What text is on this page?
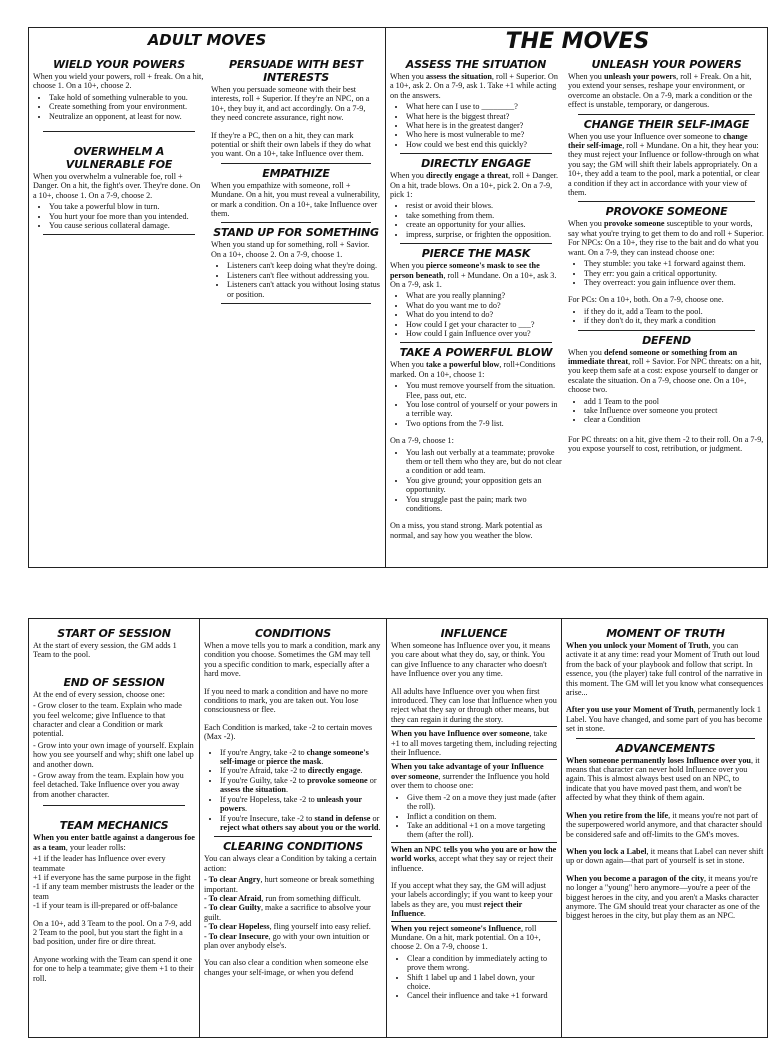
ADULT MOVES
WIELD YOUR POWERS

When you wield your powers, roll + freak. On a hit, choose 1. On a 10+, choose 2.

• Take hold of something vulnerable to you.
• Create something from your environment.
• Neutralize an opponent, at least for now.
OVERWHELM A VULNERABLE FOE

When you overwhelm a vulnerable foe, roll + Danger. On a hit, the fight's over. They're done. On a 10+, choose 1. On a 7-9, choose 2.

• You take a powerful blow in turn.
• You hurt your foe more than you intended.
• You cause serious collateral damage.
PERSUADE WITH BEST INTERESTS

When you persuade someone with their best interests, roll + Superior. If they're an NPC, on a 10+, they buy it, and act accordingly. On a 7-9, they need concrete assurance, right now.

If they're a PC, then on a hit, they can mark potential or shift their own labels if they do what you want. On a 10+, take Influence over them.

EMPATHIZE

When you empathize with someone, roll + Mundane. On a hit, you must reveal a vulnerability, or mark a condition. On a 10+, take Influence over them.

STAND UP FOR SOMETHING

When you stand up for something, roll + Savior. On a 10+, choose 2. On a 7-9, choose 1.

• Listeners can't keep doing what they're doing.
• Listeners can't flee without addressing you.
• Listeners can't attack you without losing status or position.
THE MOVES
ASSESS THE SITUATION

When you assess the situation, roll + Superior. On a 10+, ask 2. On a 7-9, ask 1. Take +1 while acting on the answers.

• What here can I use to ________?
• What here is the biggest threat?
• What here is in the greatest danger?
• Who here is most vulnerable to me?
• How could we best end this quickly?
DIRECTLY ENGAGE

When you directly engage a threat, roll + Danger. On a hit, trade blows. On a 10+, pick 2. On a 7-9, pick 1:

• resist or avoid their blows.
• take something from them.
• create an opportunity for your allies.
• impress, surprise, or frighten the opposition.
PIERCE THE MASK

When you pierce someone's mask to see the person beneath, roll + Mundane. On a 10+, ask 3. On a 7-9, ask 1.

• What are you really planning?
• What do you want me to do?
• What do you intend to do?
• How could I get your character to ___?
• How could I gain Influence over you?
TAKE A POWERFUL BLOW

When you take a powerful blow, roll+Conditions marked. On a 10+, choose 1:

• You must remove yourself from the situation. Flee, pass out, etc.
• You lose control of yourself or your powers in a terrible way.
• Two options from the 7-9 list.

On a 7-9, choose 1:

• You lash out verbally at a teammate; provoke them or tell them who they are, but do not clear a condition or add team.
• You give ground; your opposition gets an opportunity.
• You struggle past the pain; mark two conditions.

On a miss, you stand strong. Mark potential as normal, and say how you weather the blow.

UNLEASH YOUR POWERS

When you unleash your powers, roll + Freak. On a hit, you extend your senses, reshape your environment, or overcome an obstacle. On a 7-9, mark a condition or the effect is unstable, temporary, or dangerous.

CHANGE THEIR SELF-IMAGE

When you use your Influence over someone to change their self-image, roll + Mundane. On a hit, they hear you: they must reject your Influence or follow-through on what you say; the GM will shift their labels appropriately. On a 10+, they add a team to the pool, mark a potential, or clear a condition if they act in accordance with your view of them.

PROVOKE SOMEONE

When you provoke someone susceptible to your words, say what you're trying to get them to do and roll + Superior. For NPCs: On a 10+, they rise to the bait and do what you want. On a 7-9, they can instead choose one:

• They stumble: you take +1 forward against them.
• They err: you gain a critical opportunity.
• They overreact: you gain influence over them.

For PCs: On a 10+, both. On a 7-9, choose one.

• if they do it, add a Team to the pool.
• if they don't do it, they mark a condition
DEFEND

When you defend someone or something from an immediate threat, roll + Savior. For NPC threats: on a hit, you keep them safe at a cost: expose yourself to danger or escalate the situation. On a 7-9, choose one. On a 10+, choose two.

• add 1 Team to the pool
• take Influence over someone you protect
• clear a Condition

For PC threats: on a hit, give them -2 to their roll. On a 7-9, you expose yourself to cost, retribution, or judgment.

START OF SESSION

At the start of every session, the GM adds 1 Team to the pool.

END OF SESSION

At the end of every session, choose one:

- Grow closer to the team. Explain who made you feel welcome; give Influence to that character and clear a Condition or mark potential.

- Grow into your own image of yourself. Explain how you see yourself and why; shift one label up and another down.

- Grow away from the team. Explain how you feel detached. Take Influence over you away from another character.

TEAM MECHANICS

When you enter battle against a dangerous foe as a team, your leader rolls:

+1 if the leader has Influence over every teammate

+1 if everyone has the same purpose in the fight

-1 if any team member mistrusts the leader or the team

-1 if your team is ill-prepared or off-balance

On a 10+, add 3 Team to the pool. On a 7-9, add 2 Team to the pool, but you start the fight in a bad position, under fire or dire threat.

Anyone working with the Team can spend it one for one to help a teammate; give them +1 to their roll.

CONDITIONS

When a move tells you to mark a condition, mark any condition you choose. Sometimes the GM may tell you a specific condition to mark, especially after a hard move.

If you need to mark a condition and have no more conditions to mark, you are taken out. You lose consciousness or flee.

Each Condition is marked, take -2 to certain moves (Max -2).

• If you're Angry, take -2 to change someone's self-image or pierce the mask.
• If you're Afraid, take -2 to directly engage.
• If you're Guilty, take -2 to provoke someone or assess the situation.
• If you're Hopeless, take -2 to unleash your powers.
• If you're Insecure, take -2 to stand in defense or reject what others say about you or the world.
CLEARING CONDITIONS

You can always clear a Condition by taking a certain action:

- To clear Angry, hurt someone or break something important.

- To clear Afraid, run from something difficult.

- To clear Guilty, make a sacrifice to absolve your guilt.

- To clear Hopeless, fling yourself into easy relief.

- To clear Insecure, go with your own intuition or plan over anybody else's.

You can also clear a condition when someone else changes your self-image, or when you defend

INFLUENCE

When someone has Influence over you, it means you care about what they do, say, or think. You can give Influence to any character who doesn't have Influence over you any time.

All adults have Influence over you when first introduced. They can lose that Influence when you reject what they say or through other means, but they can regain it during the story.

When you have Influence over someone, take +1 to all moves targeting them, including rejecting their Influence.

When you take advantage of your Influence over someone, surrender the Influence you hold over them to choose one:

• Give them -2 on a move they just made (after the roll).
• Inflict a condition on them.
• Take an additional +1 on a move targeting them (after the roll).

When an NPC tells you who you are or how the world works, accept what they say or reject their influence.

If you accept what they say, the GM will adjust your labels accordingly; if you want to keep your labels as they are, you must reject their Influence.

When you reject someone's Influence, roll Mundane. On a hit, mark potential. On a 10+, choose 2. On a 7-9, choose 1.

• Clear a condition by immediately acting to prove them wrong.
• Shift 1 label up and 1 label down, your choice.
• Cancel their influence and take +1 forward
MOMENT OF TRUTH

When you unlock your Moment of Truth, you can activate it at any time: read your Moment of Truth out loud from the back of your playbook and follow that script. In essence, you (the player) take full control of the narrative in this moment. The GM will let you know what consequences arise...

After you use your Moment of Truth, permanently lock 1 Label. You have changed, and some part of you has become set in stone.

ADVANCEMENTS

When someone permanently loses Influence over you, it means that character can never hold Influence over you again. This is almost always best used on an NPC, to indicate that you have moved past them, and won't be affected by what they think of them again.

When you retire from the life, it means you're not part of the superpowered world anymore, and that character should be considered safe and off-limits to the GM's moves.

When you lock a Label, it means that Label can never shift up or down again—that part of yourself is set in stone.

When you become a paragon of the city, it means you're no longer a "young" hero anymore—you're a peer of the biggest heroes in the city, and you aren't a Masks character anymore. The GM should treat your character as one of the biggest heroes in the city, but play them as an NPC.
